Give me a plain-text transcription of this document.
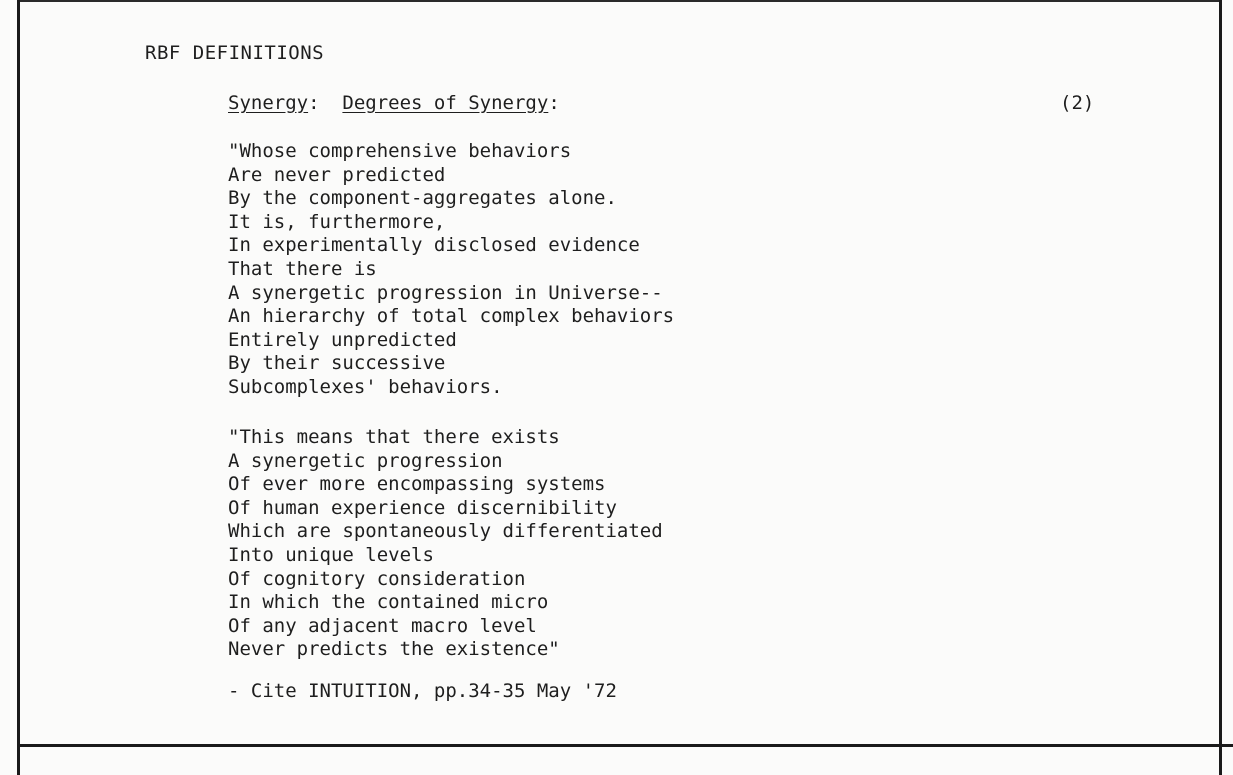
RBF DEFINITIONS
Synergy:  Degrees of Synergy:	(2)
"Whose comprehensive behaviors
Are never predicted
By the component-aggregates alone.
It is, furthermore,
In experimentally disclosed evidence
That there is
A synergetic progression in Universe--
An hierarchy of total complex behaviors
Entirely unpredicted
By their successive
Subcomplexes' behaviors.
"This means that there exists
A synergetic progression
Of ever more encompassing systems
Of human experience discernibility
Which are spontaneously differentiated
Into unique levels
Of cognitory consideration
In which the contained micro
Of any adjacent macro level
Never predicts the existence"
- Cite INTUITION, pp.34-35 May '72
